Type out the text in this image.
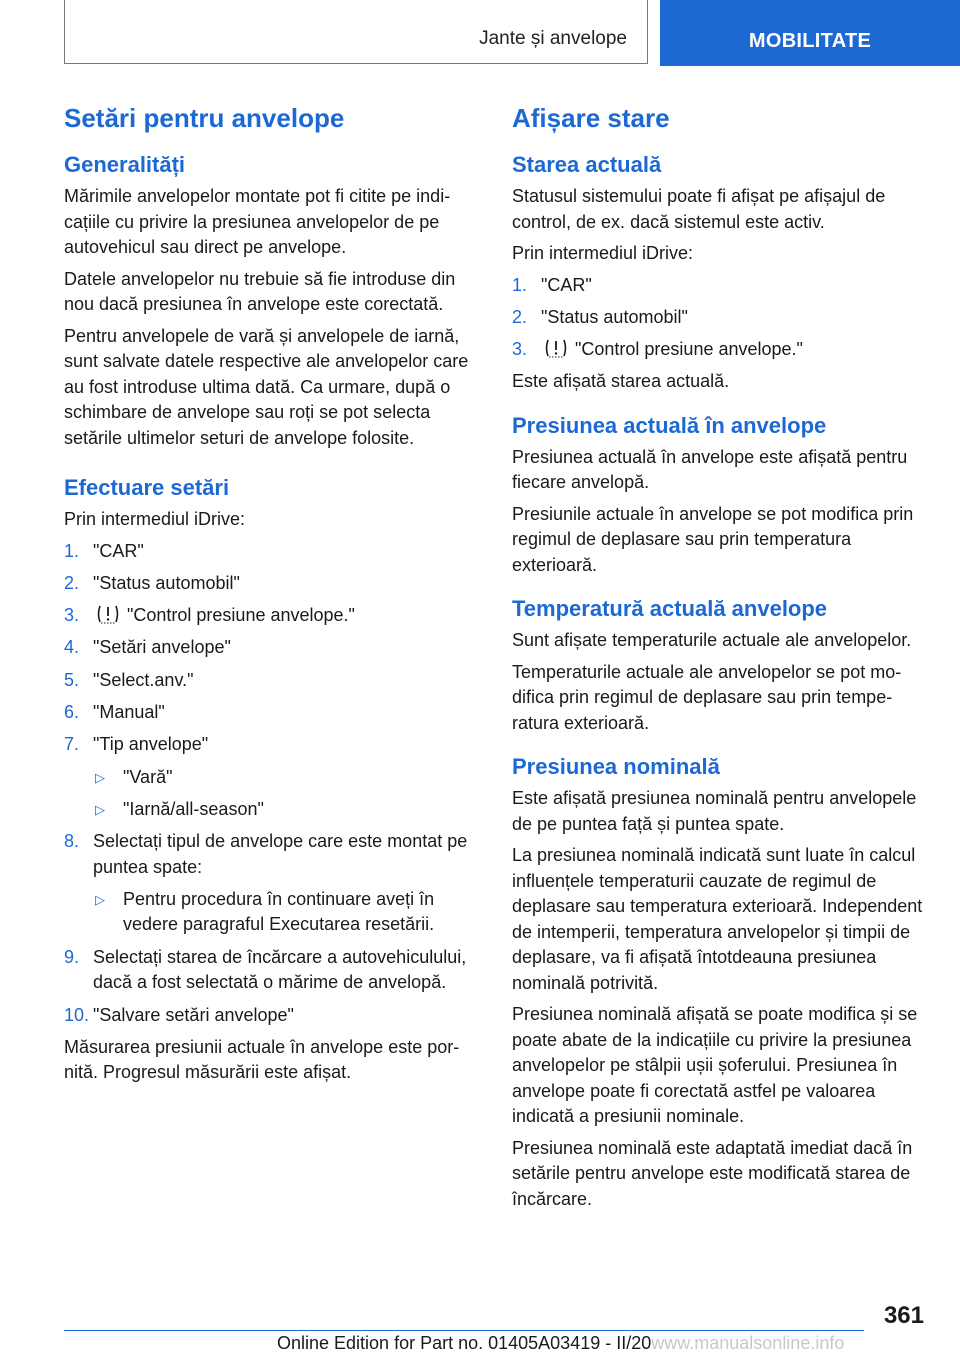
Jante și anvelope	MOBILITATE
Setări pentru anvelope
Generalități

Mărimile anvelopelor montate pot fi citite pe indicațiile cu privire la presiunea anvelopelor de pe autovehicul sau direct pe anvelope.

Datele anvelopelor nu trebuie să fie introduse din nou dacă presiunea în anvelope este corectată.

Pentru anvelopele de vară și anvelopele de iarnă, sunt salvate datele respective ale anvelopelor care au fost introduse ultima dată. Ca urmare, după o schimbare de anvelope sau roți se pot selecta setările ultimelor seturi de anvelope folosite.

Efectuare setări

Prin intermediul iDrive:

1. "CAR"
2. "Status automobil"
3.	"Control presiune anvelope."
4. "Setări anvelope"
5. "Select.anv."
6. "Manual"
7. "Tip anvelope"
▷ "Vară"
▷ "Iarnă/all-season"
8. Selectați tipul de anvelope care este montat pe puntea spate:
▷ Pentru procedura în continuare aveți în vedere paragraful Executarea resetării.
9. Selectați starea de încărcare a autovehiculului, dacă a fost selectată o mărime de anvelopă.
10. "Salvare setări anvelope"

Măsurarea presiunii actuale în anvelope este pornită. Progresul măsurării este afișat.

Afișare stare
Starea actuală

Statusul sistemului poate fi afișat pe afișajul de control, de ex. dacă sistemul este activ.

Prin intermediul iDrive:

1. "CAR"
2. "Status automobil"
3.	"Control presiune anvelope."

Este afișată starea actuală.

Presiunea actuală în anvelope

Presiunea actuală în anvelope este afișată pentru fiecare anvelopă.

Presiunile actuale în anvelope se pot modifica prin regimul de deplasare sau prin temperatura exterioară.

Temperatură actuală anvelope

Sunt afișate temperaturile actuale ale anvelopelor.

Temperaturile actuale ale anvelopelor se pot modifica prin regimul de deplasare sau prin temperatura exterioară.

Presiunea nominală

Este afișată presiunea nominală pentru anvelopele de pe puntea față și puntea spate.

La presiunea nominală indicată sunt luate în calcul influențele temperaturii cauzate de regimul de deplasare sau temperatura exterioară. Independent de intemperii, temperatura anvelopelor și timpii de deplasare, va fi afișată întotdeauna presiunea nominală potrivită.

Presiunea nominală afișată se poate modifica și se poate abate de la indicațiile cu privire la presiunea anvelopelor pe stâlpii ușii șoferului. Presiunea în anvelope poate fi corectată astfel pe valoarea indicată a presiunii nominale.

Presiunea nominală este adaptată imediat dacă în setările pentru anvelope este modificată starea de încărcare.

361
Online Edition for Part no. 01405A03419 - II/20www.manualsonline.info
